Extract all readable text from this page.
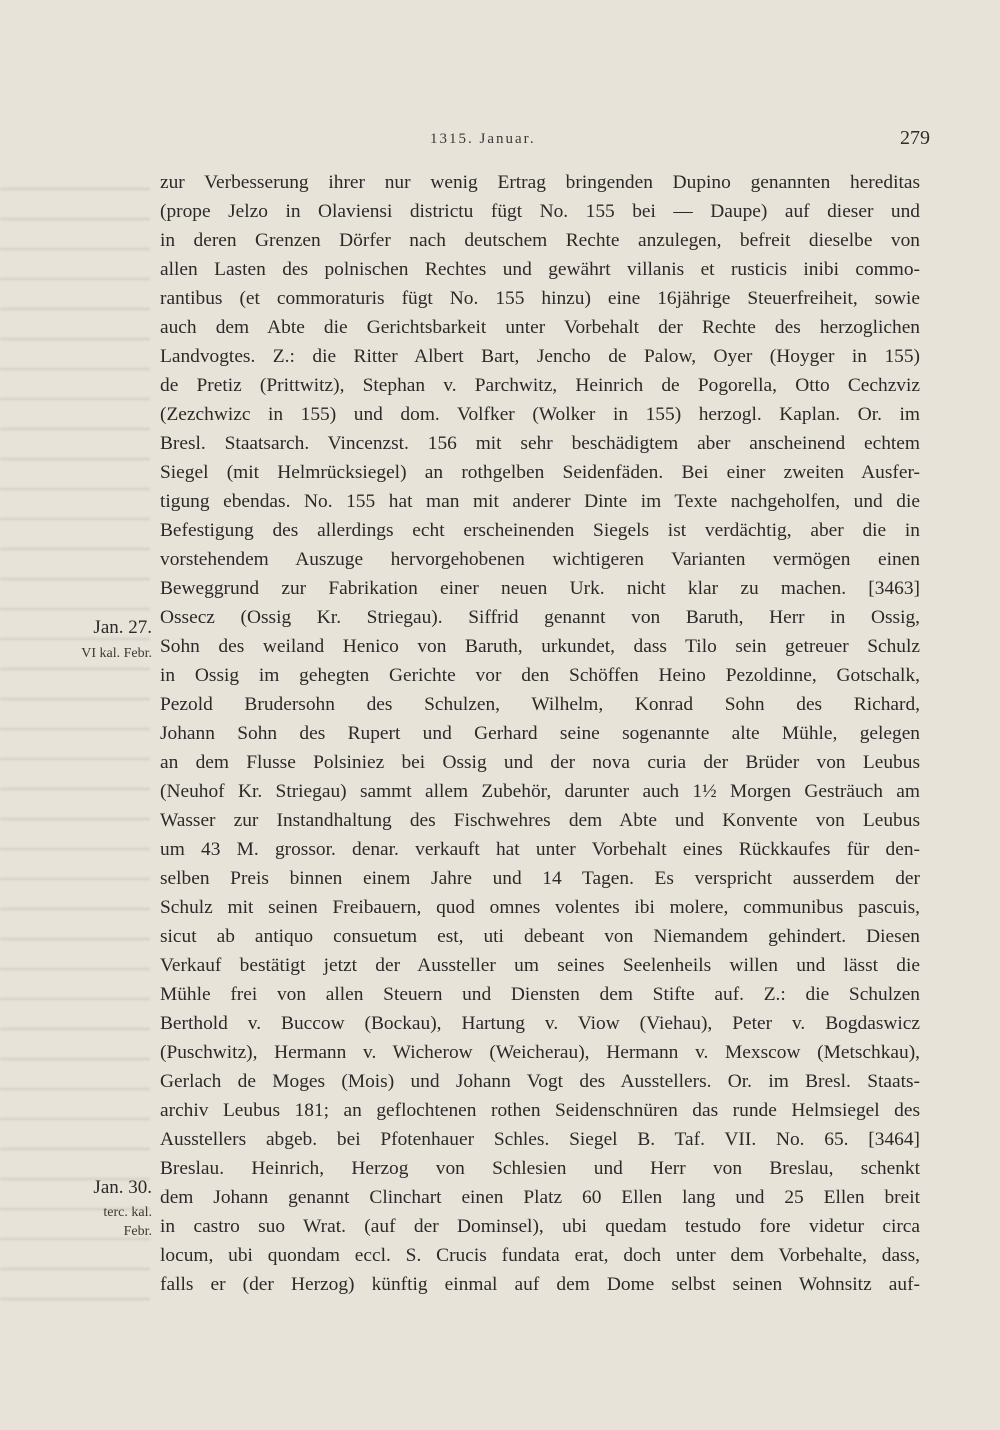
1315. Januar.	279
Jan. 27.
VI kal. Febr.
Jan. 30.
terc. kal.
Febr.
zur Verbesserung ihrer nur wenig Ertrag bringenden Dupino genannten hereditas
(prope Jelzo in Olaviensi districtu fügt No. 155 bei — Daupe) auf dieser und
in deren Grenzen Dörfer nach deutschem Rechte anzulegen, befreit dieselbe von
allen Lasten des polnischen Rechtes und gewährt villanis et rusticis inibi commo-
rantibus (et commoraturis fügt No. 155 hinzu) eine 16jährige Steuerfreiheit, sowie
auch dem Abte die Gerichtsbarkeit unter Vorbehalt der Rechte des herzoglichen
Landvogtes. Z.: die Ritter Albert Bart, Jencho de Palow, Oyer (Hoyger in 155)
de Pretiz (Prittwitz), Stephan v. Parchwitz, Heinrich de Pogorella, Otto Cechzviz
(Zezchwizc in 155) und dom. Volfker (Wolker in 155) herzogl. Kaplan. Or. im
Bresl. Staatsarch. Vincenzst. 156 mit sehr beschädigtem aber anscheinend echtem
Siegel (mit Helmrücksiegel) an rothgelben Seidenfäden. Bei einer zweiten Ausfer-
tigung ebendas. No. 155 hat man mit anderer Dinte im Texte nachgeholfen, und die
Befestigung des allerdings echt erscheinenden Siegels ist verdächtig, aber die in
vorstehendem Auszuge hervorgehobenen wichtigeren Varianten vermögen einen
Beweggrund zur Fabrikation einer neuen Urk. nicht klar zu machen. [3463]
Ossecz (Ossig Kr. Striegau). Siffrid genannt von Baruth, Herr in Ossig,
Sohn des weiland Henico von Baruth, urkundet, dass Tilo sein getreuer Schulz
in Ossig im gehegten Gerichte vor den Schöffen Heino Pezoldinne, Gotschalk,
Pezold Brudersohn des Schulzen, Wilhelm, Konrad Sohn des Richard,
Johann Sohn des Rupert und Gerhard seine sogenannte alte Mühle, gelegen
an dem Flusse Polsiniez bei Ossig und der nova curia der Brüder von Leubus
(Neuhof Kr. Striegau) sammt allem Zubehör, darunter auch 1½ Morgen Gesträuch am
Wasser zur Instandhaltung des Fischwehres dem Abte und Konvente von Leubus
um 43 M. grossor. denar. verkauft hat unter Vorbehalt eines Rückkaufes für den-
selben Preis binnen einem Jahre und 14 Tagen. Es verspricht ausserdem der
Schulz mit seinen Freibauern, quod omnes volentes ibi molere, communibus pascuis,
sicut ab antiquo consuetum est, uti debeant von Niemandem gehindert. Diesen
Verkauf bestätigt jetzt der Aussteller um seines Seelenheils willen und lässt die
Mühle frei von allen Steuern und Diensten dem Stifte auf. Z.: die Schulzen
Berthold v. Buccow (Bockau), Hartung v. Viow (Viehau), Peter v. Bogdaswicz
(Puschwitz), Hermann v. Wicherow (Weicherau), Hermann v. Mexscow (Metschkau),
Gerlach de Moges (Mois) und Johann Vogt des Ausstellers. Or. im Bresl. Staats-
archiv Leubus 181; an geflochtenen rothen Seidenschnüren das runde Helmsiegel des
Ausstellers abgeb. bei Pfotenhauer Schles. Siegel B. Taf. VII. No. 65. [3464]
Breslau. Heinrich, Herzog von Schlesien und Herr von Breslau, schenkt
dem Johann genannt Clinchart einen Platz 60 Ellen lang und 25 Ellen breit
in castro suo Wrat. (auf der Dominsel), ubi quedam testudo fore videtur circa
locum, ubi quondam eccl. S. Crucis fundata erat, doch unter dem Vorbehalte, dass,
falls er (der Herzog) künftig einmal auf dem Dome selbst seinen Wohnsitz auf-
